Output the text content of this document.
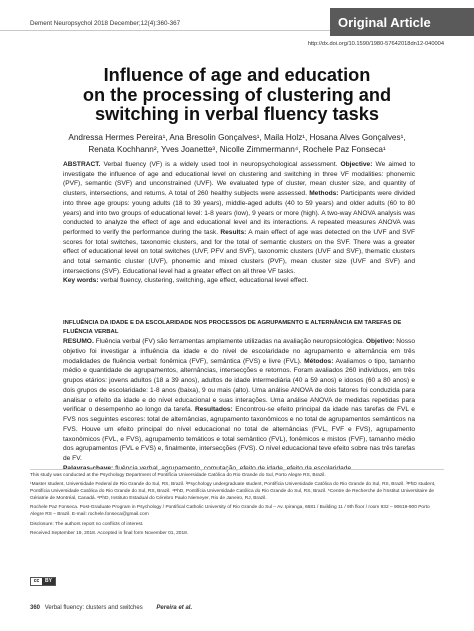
Dement Neuropsychol 2018 December;12(4):360-367	Original Article
http://dx.doi.org/10.1590/1980-57642018dn12-040004
Influence of age and education
on the processing of clustering and
switching in verbal fluency tasks
Andressa Hermes Pereira¹, Ana Bresolin Gonçalves¹, Maila Holz¹, Hosana Alves Gonçalves¹,
Renata Kochhann², Yves Joanette³, Nicolle Zimmermann⁴, Rochele Paz Fonseca¹

ABSTRACT. Verbal fluency (VF) is a widely used tool in neuropsychological assessment. Objective: We aimed to investigate the influence of age and educational level on clustering and switching in three VF modalities: phonemic (PVF), semantic (SVF) and unconstrained (UVF). We evaluated type of cluster, mean cluster size, and quantity of clusters, intersections, and returns. A total of 260 healthy subjects were assessed. Methods: Participants were divided into three age groups: young adults (18 to 39 years), middle-aged adults (40 to 59 years) and older adults (60 to 80 years) and into two groups of educational level: 1-8 years (low), 9 years or more (high). A two-way ANOVA analysis was conducted to analyze the effect of age and educational level and its interactions. A repeated measures ANOVA was performed to verify the performance during the task. Results: A main effect of age was detected on the UVF and SVF scores for total switches, taxonomic clusters, and for the total of semantic clusters on the SVF. There was a greater effect of educational level on total switches (UVF, PFV and SVF), taxonomic clusters (UVF and SVF), thematic clusters and total semantic cluster (UVF), phonemic and mixed clusters (PVF), mean cluster size (UVF and SVF) and intersections (SVF). Educational level had a greater effect on all three VF tasks.

Key words: verbal fluency, clustering, switching, age effect, educational level effect.

INFLUÊNCIA DA IDADE E DA ESCOLARIDADE NOS PROCESSOS DE AGRUPAMENTO E ALTERNÂNCIA EM TAREFAS DE FLUÊNCIA VERBAL

RESUMO. Fluência verbal (FV) são ferramentas amplamente utilizadas na avaliação neuropsicológica. Objetivo: Nosso objetivo foi investigar a influência da idade e do nível de escolaridade no agrupamento e alternância em três modalidades de fluência verbal: fonêmica (FVF), semântica (FVS) e livre (FVL). Métodos: Avaliamos o tipo, tamanho médio e quantidade de agrupamentos, alternâncias, intersecções e retornos. Foram avaliados 260 indivíduos, em três grupos etários: jovens adultos (18 a 39 anos), adultos de idade intermediária (40 a 59 anos) e idosos (60 a 80 anos) e dois grupos de escolaridade: 1-8 anos (baixa), 9 ou mais (alto). Uma análise ANOVA de dois fatores foi conduzida para analisar o efeito da idade e do nível educacional e suas interações. Uma análise ANOVA de medidas repetidas para verificar o desempenho ao longo da tarefa. Resultados: Encontrou-se efeito principal da idade nas tarefas de FVL e FVS nos seguintes escores: total de alternâncias, agrupamento taxonômicos e no total de agrupamentos semânticos na FVS. Houve um efeito principal do nível educacional no total de alternâncias (FVL, FVF e FVS), agrupamento taxonômicos (FVL, e FVS), agrupamento temáticos e total semântico (FVL), fonêmicos e mistos (FVF), tamanho médio dos agrupamentos (FVL e FVS) e, finalmente, intersecções (FVS). O nível educacional teve efeito sobre nas três tarefas de FV.

This study was conducted at the Psychology Department of Pontifícia Universidade Católica do Rio Grande do Sul, Porto Alegre RS, Brazil.

¹Master student, Universidade Federal de Rio Grande do Sul, RS, Brazil. ²Psychology undergraduate student, Pontifícia Universidade Católica do Rio Grande do Sul, RS, Brazil. ³PhD student, Pontifícia Universidade Católica do Rio Grande do Sul, RS, Brazil. ⁴PhD, Pontifícia Universidade Católica do Rio Grande do Sul, RS, Brazil. ⁵Centre de Recherche de l'Institut Universitaire de Gériatrie de Montréal, Canadá. ⁶PhD, Instituto Estadual do Cérebro Paulo Niemeyer, Rio de Janeiro, RJ, Brazil.

Rochele Paz Fonseca. Post-Graduate Program in Psychology / Pontifical Catholic University of Rio Grande do Sul – Av. Ipiranga, 6681 / Building 11 / 9th floor / room 932 – 90619-900 Porto Alegre RS – Brazil. E-mail: rochele.fonseca@gmail.com

Disclosure: The authors report no conflicts of interest.

Received September 19, 2018. Accepted in final form November 01, 2018.

cc	BY
360 Verbal fluency: clusters and switches Pereira et al.
